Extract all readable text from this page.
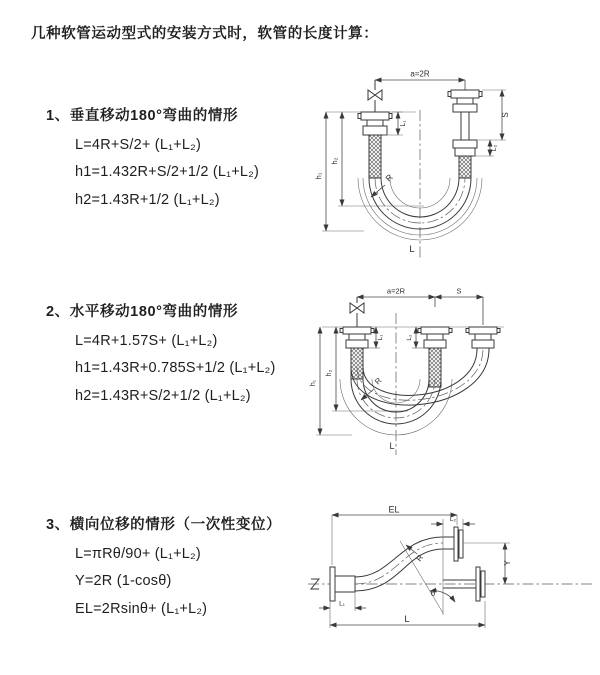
几种软管运动型式的安装方式时，软管的长度计算：
1、垂直移动180°弯曲的情形
L=4R+S/2+ (L₁+L₂)
h1=1.432R+S/2+1/2 (L₁+L₂)
h2=1.43R+1/2 (L₁+L₂)
2、水平移动180°弯曲的情形
L=4R+1.57S+ (L₁+L₂)
h1=1.43R+0.785S+1/2 (L₁+L₂)
h2=1.43R+S/2+1/2 (L₁+L₂)
3、横向位移的情形（一次性变位）
L=πRθ/90+ (L₁+L₂)
Y=2R (1-cosθ)
EL=2Rsinθ+ (L₁+L₂)
a=2R
L₁
S
L₂
h₁
h₂
R
L
a=2R	S
L₁	L₂
h₁
h₂
R
L
EL
L₂
L₁
Y
θ
R
L
